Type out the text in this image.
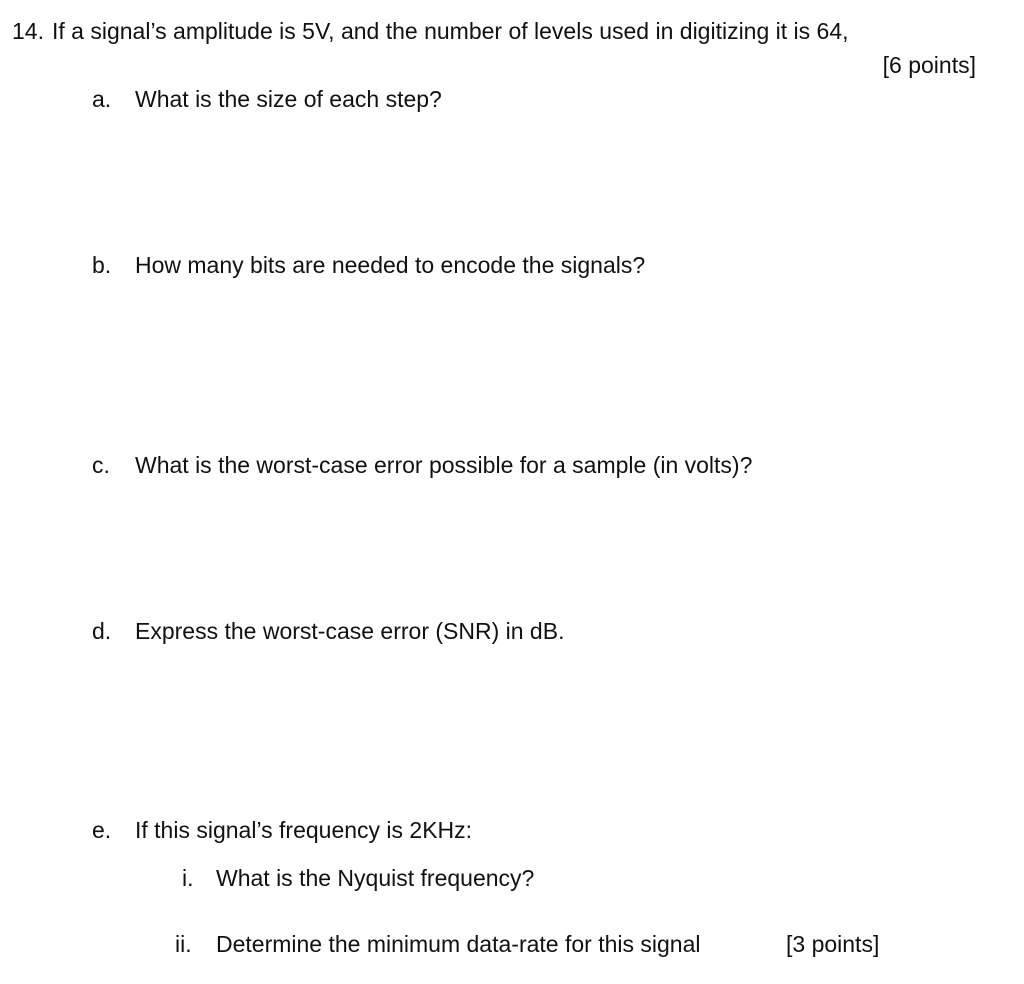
14. If a signal’s amplitude is 5V, and the number of levels used in digitizing it is 64,
[6 points]
a. What is the size of each step?
b. How many bits are needed to encode the signals?
c. What is the worst-case error possible for a sample (in volts)?
d. Express the worst-case error (SNR) in dB.
e. If this signal’s frequency is 2KHz:
i. What is the Nyquist frequency?
ii. Determine the minimum data-rate for this signal	[3 points]
